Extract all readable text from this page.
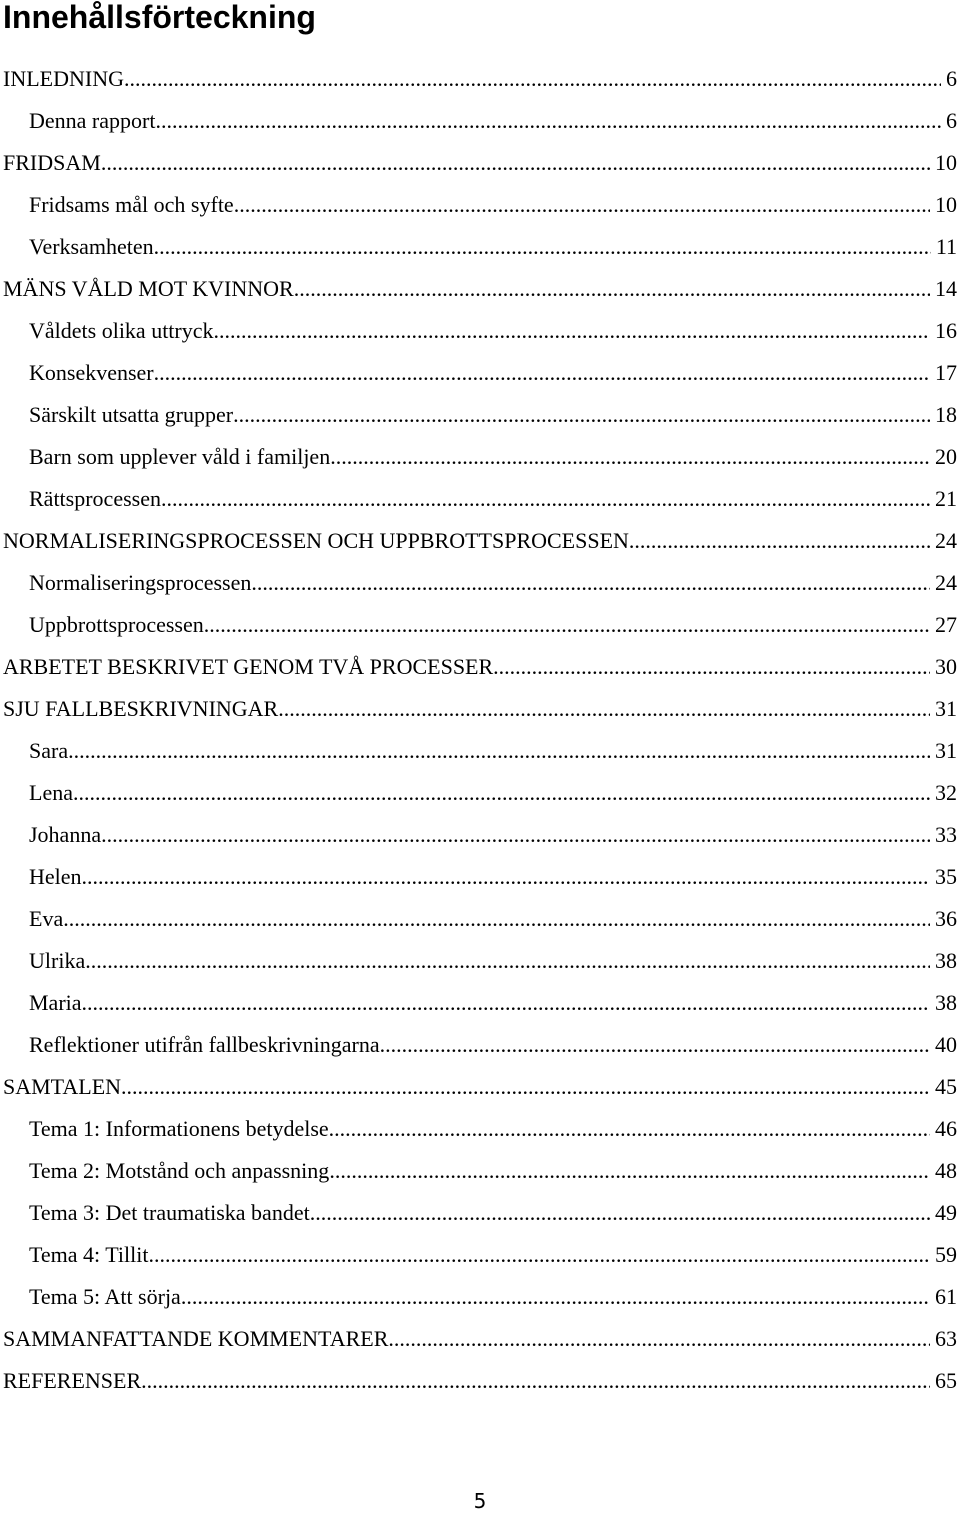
Innehållsförteckning
INLEDNING .....	6
Denna rapport .....	6
FRIDSAM .....	10
Fridsams mål och syfte .....	10
Verksamheten .....	11
MÄNS VÅLD MOT KVINNOR .....	14
Våldets olika uttryck .....	16
Konsekvenser .....	17
Särskilt utsatta grupper .....	18
Barn som upplever våld i familjen .....	20
Rättsprocessen .....	21
NORMALISERINGSPROCESSEN OCH UPPBROTTSPROCESSEN .....	24
Normaliseringsprocessen .....	24
Uppbrottsprocessen .....	27
ARBETET BESKRIVET GENOM TVÅ PROCESSER .....	30
SJU FALLBESKRIVNINGAR .....	31
Sara .....	31
Lena .....	32
Johanna .....	33
Helen .....	35
Eva .....	36
Ulrika .....	38
Maria .....	38
Reflektioner utifrån fallbeskrivningarna .....	40
SAMTALEN .....	45
Tema 1: Informationens betydelse .....	46
Tema 2: Motstånd och anpassning .....	48
Tema 3: Det traumatiska bandet .....	49
Tema 4: Tillit .....	59
Tema 5: Att sörja .....	61
SAMMANFATTANDE KOMMENTARER .....	63
REFERENSER .....	65
5
